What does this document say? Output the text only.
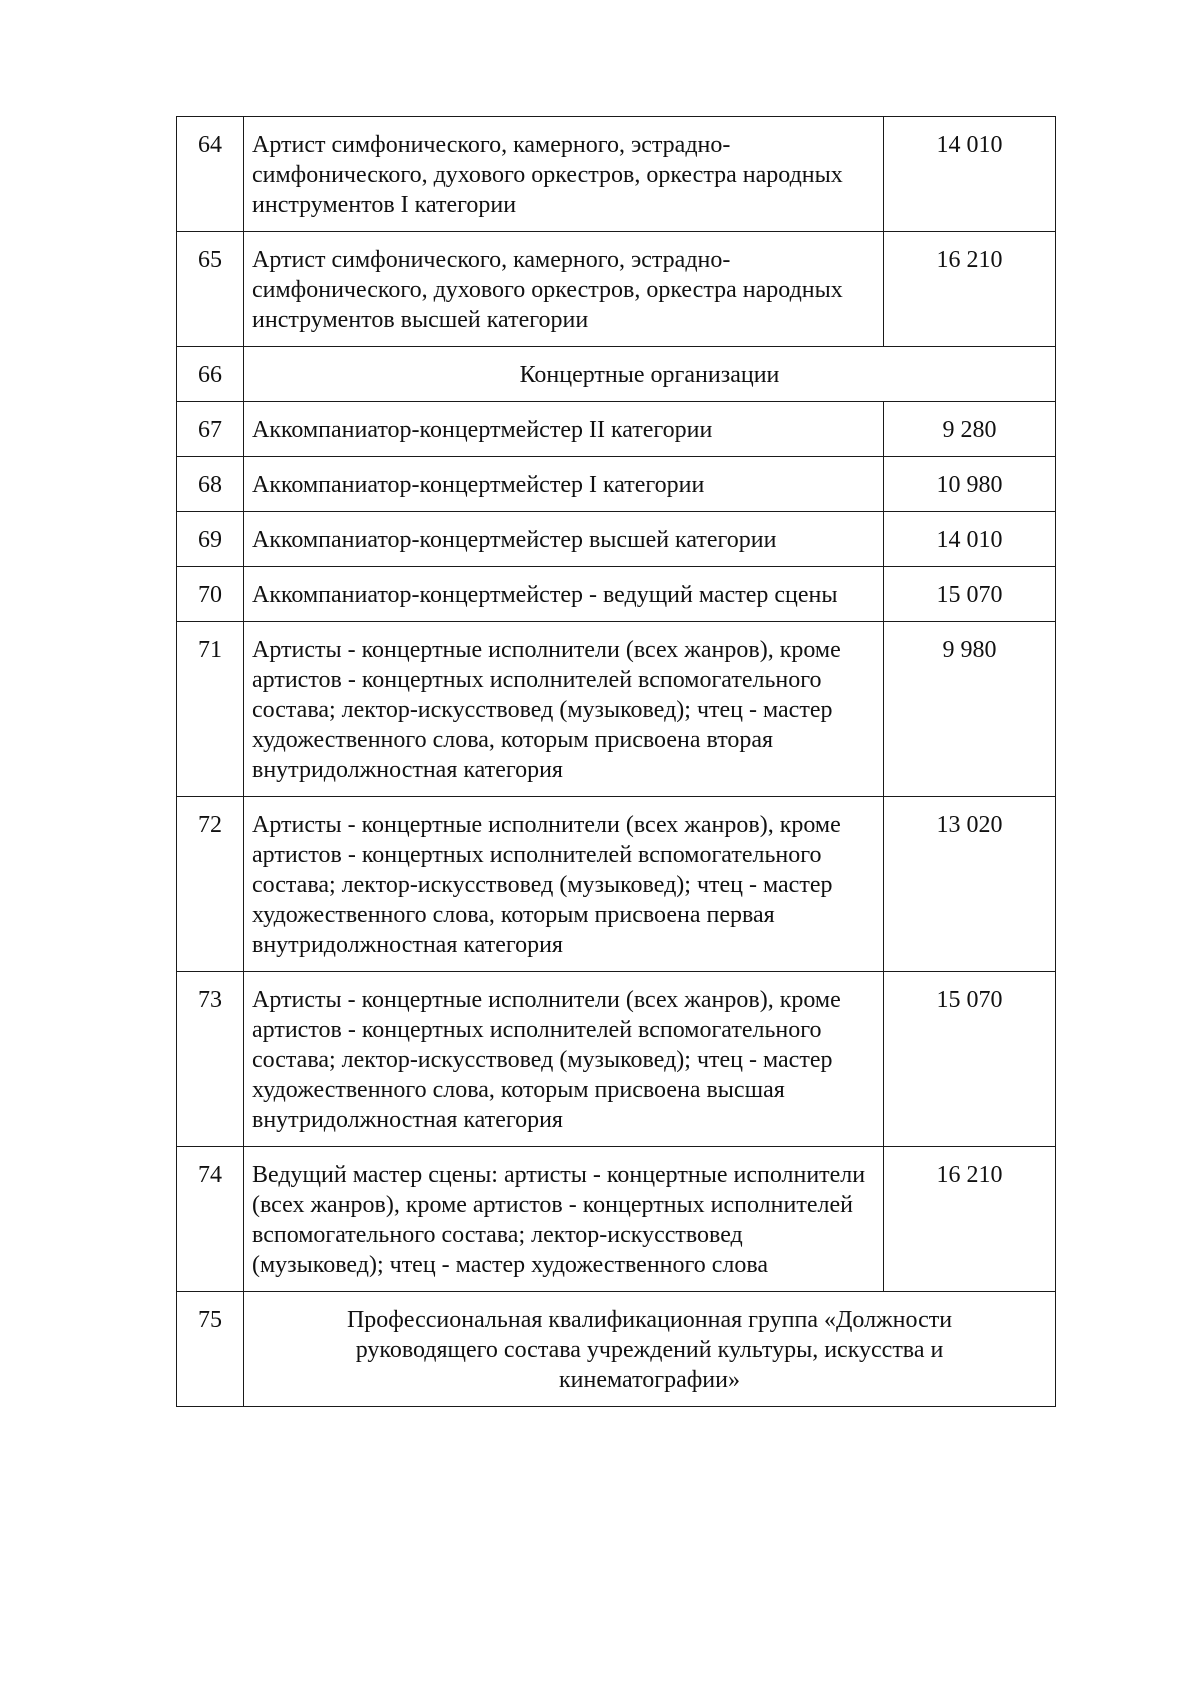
64	Артист симфонического, камерного, эстрадно-симфонического, духового оркестров, оркестра народных инструментов I категории	14 010
65	Артист симфонического, камерного, эстрадно-симфонического, духового оркестров, оркестра народных инструментов высшей категории	16 210
66	Концертные организации	
67	Аккомпаниатор-концертмейстер II категории	9 280
68	Аккомпаниатор-концертмейстер I категории	10 980
69	Аккомпаниатор-концертмейстер высшей категории	14 010
70	Аккомпаниатор-концертмейстер - ведущий мастер сцены	15 070
71	Артисты - концертные исполнители (всех жанров), кроме артистов - концертных исполнителей вспомогательного состава; лектор-искусствовед (музыковед); чтец - мастер художественного слова, которым присвоена вторая внутридолжностная категория	9 980
72	Артисты - концертные исполнители (всех жанров), кроме артистов - концертных исполнителей вспомогательного состава; лектор-искусствовед (музыковед); чтец - мастер художественного слова, которым присвоена первая внутридолжностная категория	13 020
73	Артисты - концертные исполнители (всех жанров), кроме артистов - концертных исполнителей вспомогательного состава; лектор-искусствовед (музыковед); чтец - мастер художественного слова, которым присвоена высшая внутридолжностная категория	15 070
74	Ведущий мастер сцены: артисты - концертные исполнители (всех жанров), кроме артистов - концертных исполнителей вспомогательного состава; лектор-искусствовед (музыковед); чтец - мастер художественного слова	16 210
75	Профессиональная квалификационная группа «Должности руководящего состава учреждений культуры, искусства и кинематографии»	
